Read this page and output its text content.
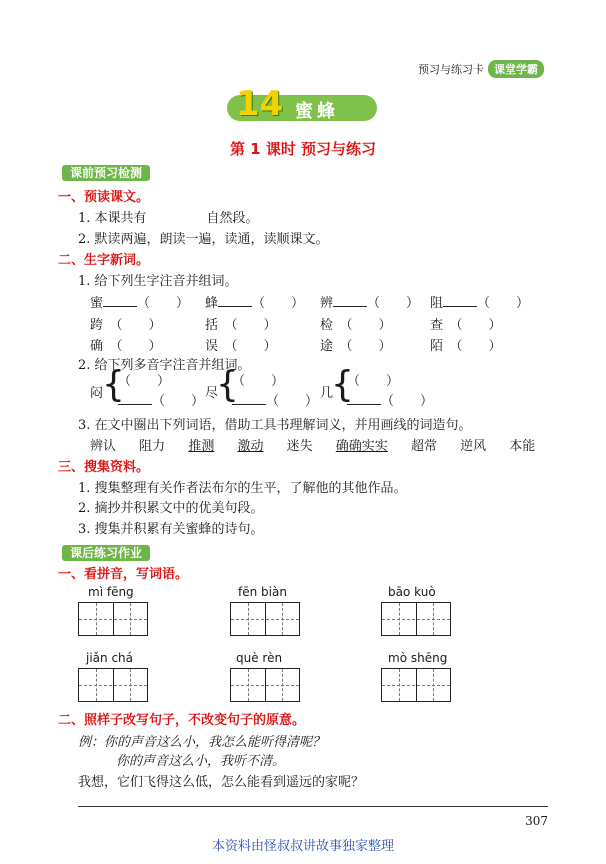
预习与练习卡 课堂学霸
14 蜜蜂
第 1 课时 预习与练习
课前预习检测
一、预读课文。
1. 本课共有	自然段。
2. 默读两遍，朗读一遍，读通，读顺课文。
二、生字新词。
1. 给下列生字注音并组词。
蜜	（　　） 蜂	（　　） 辨	（　　） 阻	（　　）
跨　（　　）	括　（　　）	检　（　　）	查　（　　）
确　（　　）	误　（　　）	途　（　　）	陌　（　　）
2. 给下列多音字注音并组词。
闷
{
（　　）
（　　）
尽
{
（　　）
（　　）
几
{
（　　）
（　　）
3. 在文中圈出下列词语，借助工具书理解词义，并用画线的词造句。
辨认　 阻力　 推测　 激动　 迷失　 确确实实　 超常　 逆风　 本能
三、搜集资料。
1. 搜集整理有关作者法布尔的生平，了解他的其他作品。
2. 摘抄并积累文中的优美句段。
3. 搜集并积累有关蜜蜂的诗句。
课后练习作业
一、看拼音，写词语。
mì fēng	fēn biàn	bāo kuò
jiǎn chá	què rèn	mò shēng
二、照样子改写句子，不改变句子的原意。
例：你的声音这么小，我怎么能听得清呢？
你的声音这么小，我听不清。
我想，它们飞得这么低，怎么能看到遥远的家呢？
307
本资料由怪叔叔讲故事独家整理
